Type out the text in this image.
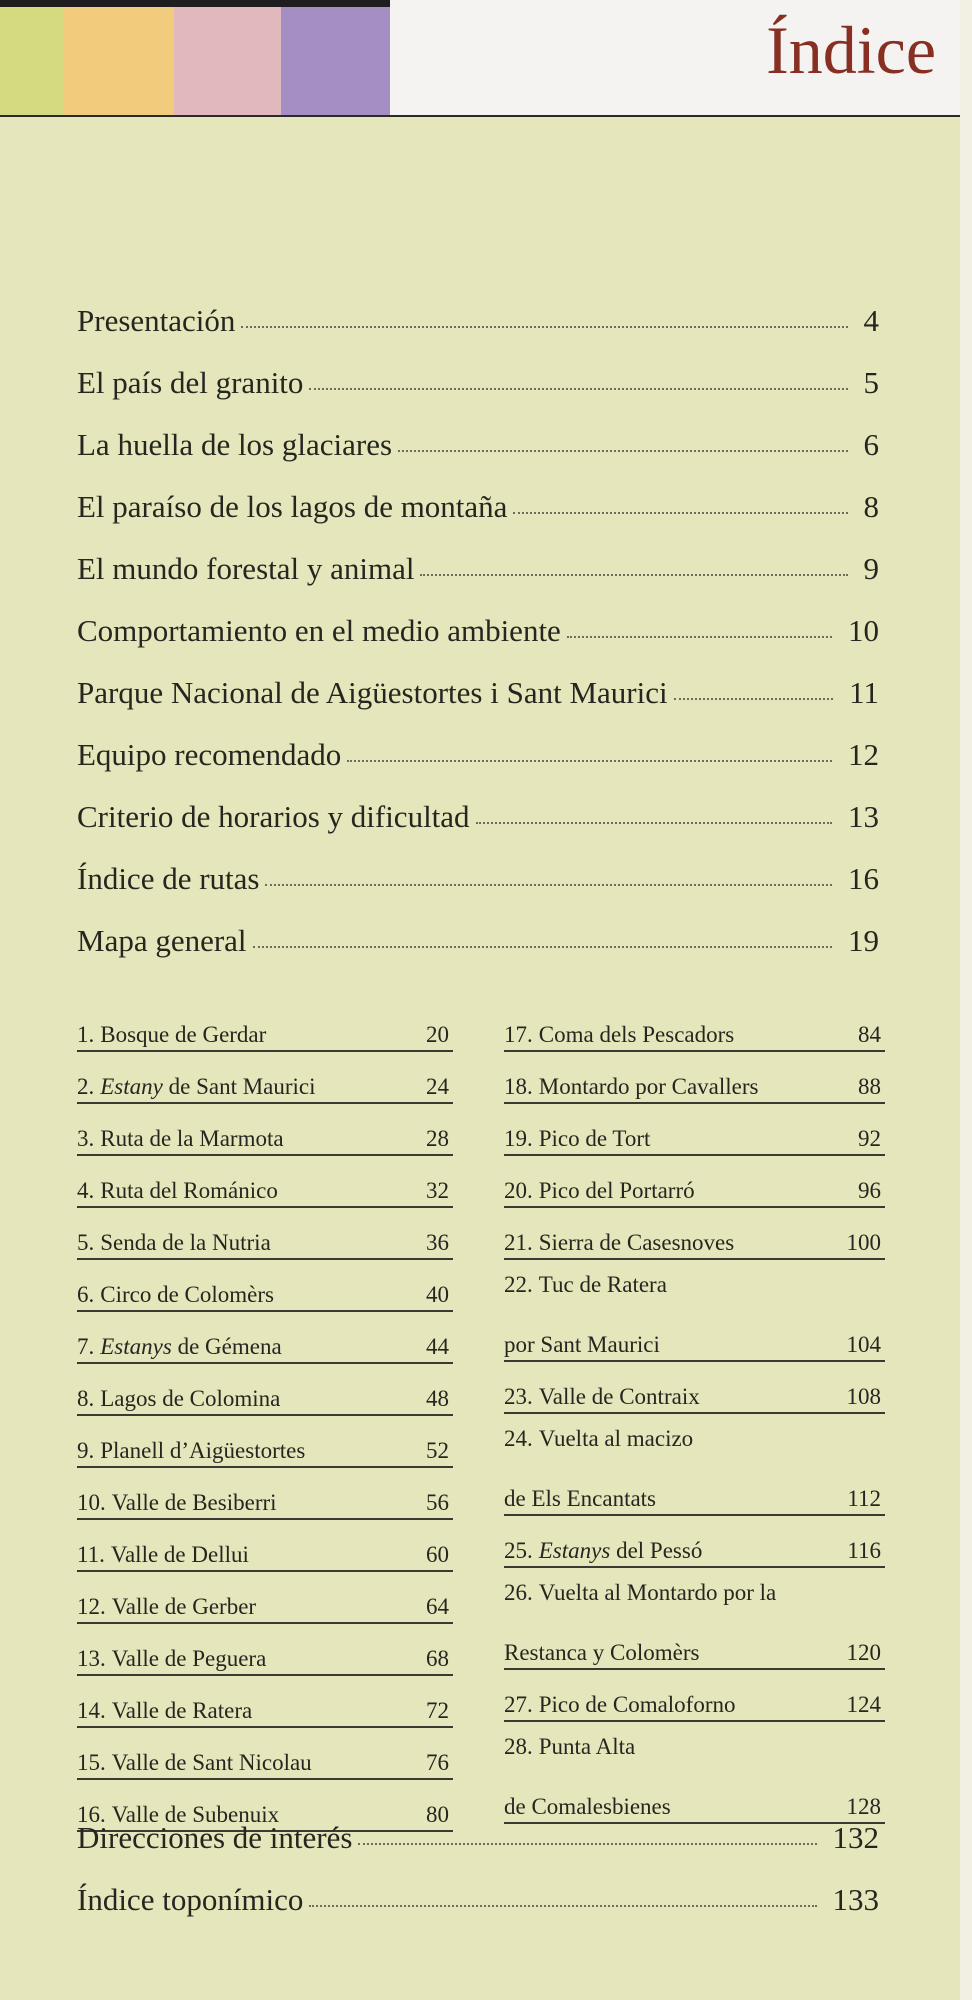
Índice
Presentación	4
El país del granito	5
La huella de los glaciares	6
El paraíso de los lagos de montaña	8
El mundo forestal y animal	9
Comportamiento en el medio ambiente	10
Parque Nacional de Aigüestortes i Sant Maurici	11
Equipo recomendado	12
Criterio de horarios y dificultad	13
Índice de rutas	16
Mapa general	19
1. Bosque de Gerdar	20
2. Estany de Sant Maurici	24
3. Ruta de la Marmota	28
4. Ruta del Románico	32
5. Senda de la Nutria	36
6. Circo de Colomèrs	40
7. Estanys de Gémena	44
8. Lagos de Colomina	48
9. Planell d’Aigüestortes	52
10. Valle de Besiberri	56
11. Valle de Dellui	60
12. Valle de Gerber	64
13. Valle de Peguera	68
14. Valle de Ratera	72
15. Valle de Sant Nicolau	76
16. Valle de Subenuix	80
17. Coma dels Pescadors	84
18. Montardo por Cavallers	88
19. Pico de Tort	92
20. Pico del Portarró	96
21. Sierra de Casesnoves	100
22. Tuc de Ratera
por Sant Maurici	104
23. Valle de Contraix	108
24. Vuelta al macizo
de Els Encantats	112
25. Estanys del Pessó	116
26. Vuelta al Montardo por la
Restanca y Colomèrs	120
27. Pico de Comaloforno	124
28. Punta Alta
de Comalesbienes	128
Direcciones de interés	132
Índice toponímico	133
